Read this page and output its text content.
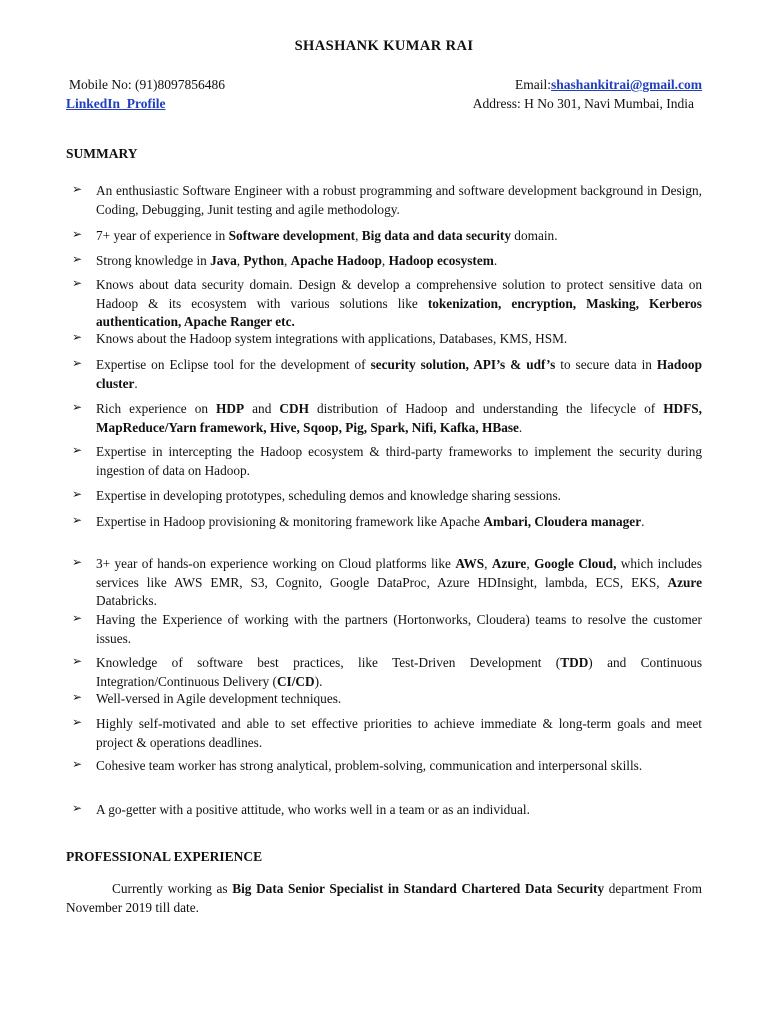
SHASHANK KUMAR RAI
Mobile No: (91)8097856486	Email:shashankitrai@gmail.com
LinkedIn_Profile	Address: H No 301, Navi Mumbai, India
SUMMARY
➢ An enthusiastic Software Engineer with a robust programming and software development background in Design, Coding, Debugging, Junit testing and agile methodology.
➢ 7+ year of experience in Software development, Big data and data security domain.
➢ Strong knowledge in Java, Python, Apache Hadoop, Hadoop ecosystem.
➢ Knows about data security domain. Design & develop a comprehensive solution to protect sensitive data on Hadoop & its ecosystem with various solutions like tokenization, encryption, Masking, Kerberos authentication, Apache Ranger etc.
➢ Knows about the Hadoop system integrations with applications, Databases, KMS, HSM.
➢ Expertise on Eclipse tool for the development of security solution, API’s & udf’s to secure data in Hadoop cluster.
➢ Rich experience on HDP and CDH distribution of Hadoop and understanding the lifecycle of HDFS, MapReduce/Yarn framework, Hive, Sqoop, Pig, Spark, Nifi, Kafka, HBase.
➢ Expertise in intercepting the Hadoop ecosystem & third-party frameworks to implement the security during ingestion of data on Hadoop.
➢ Expertise in developing prototypes, scheduling demos and knowledge sharing sessions.
➢ Expertise in Hadoop provisioning & monitoring framework like Apache Ambari, Cloudera manager.
➢ 3+ year of hands-on experience working on Cloud platforms like AWS, Azure, Google Cloud, which includes services like AWS EMR, S3, Cognito, Google DataProc, Azure HDInsight, lambda, ECS, EKS, Azure Databricks.
➢ Having the Experience of working with the partners (Hortonworks, Cloudera) teams to resolve the customer issues.
➢ Knowledge of software best practices, like Test-Driven Development (TDD) and Continuous Integration/Continuous Delivery (CI/CD).
➢ Well-versed in Agile development techniques.
➢ Highly self-motivated and able to set effective priorities to achieve immediate & long-term goals and meet project & operations deadlines.
➢ Cohesive team worker has strong analytical, problem-solving, communication and interpersonal skills.
➢ A go-getter with a positive attitude, who works well in a team or as an individual.
PROFESSIONAL EXPERIENCE
Currently working as Big Data Senior Specialist in Standard Chartered Data Security department From November 2019 till date.
